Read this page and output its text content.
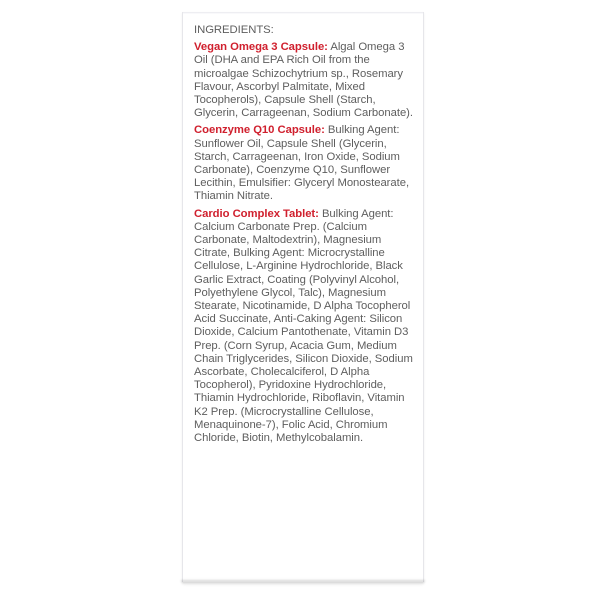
INGREDIENTS:

Vegan Omega 3 Capsule: Algal Omega 3 Oil (DHA and EPA Rich Oil from the microalgae Schizochytrium sp., Rosemary Flavour, Ascorbyl Palmitate, Mixed Tocopherols), Capsule Shell (Starch, Glycerin, Carrageenan, Sodium Carbonate).

Coenzyme Q10 Capsule: Bulking Agent: Sunflower Oil, Capsule Shell (Glycerin, Starch, Carrageenan, Iron Oxide, Sodium Carbonate), Coenzyme Q10, Sunflower Lecithin, Emulsifier: Glyceryl Monostearate, Thiamin Nitrate.

Cardio Complex Tablet: Bulking Agent: Calcium Carbonate Prep. (Calcium Carbonate, Maltodextrin), Magnesium Citrate, Bulking Agent: Microcrystalline Cellulose, L-Arginine Hydrochloride, Black Garlic Extract, Coating (Polyvinyl Alcohol, Polyethylene Glycol, Talc), Magnesium Stearate, Nicotinamide, D Alpha Tocopherol Acid Succinate, Anti-Caking Agent: Silicon Dioxide, Calcium Pantothenate, Vitamin D3 Prep. (Corn Syrup, Acacia Gum, Medium Chain Triglycerides, Silicon Dioxide, Sodium Ascorbate, Cholecalciferol, D Alpha Tocopherol), Pyridoxine Hydrochloride, Thiamin Hydrochloride, Riboflavin, Vitamin K2 Prep. (Microcrystalline Cellulose, Menaquinone-7), Folic Acid, Chromium Chloride, Biotin, Methylcobalamin.
